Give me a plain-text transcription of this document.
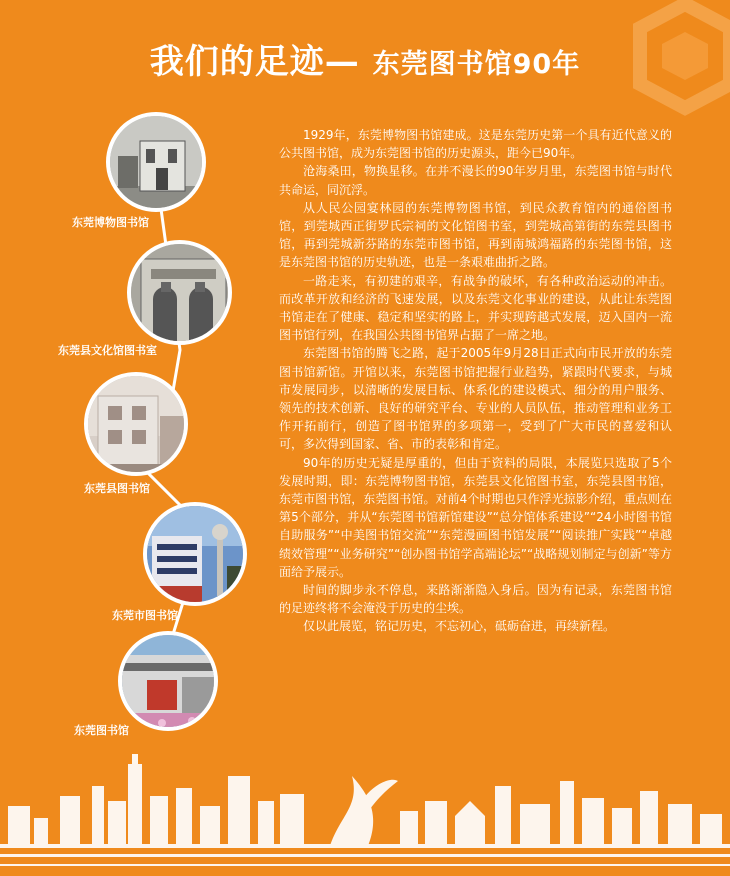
我们的足迹— 东莞图书馆90年
东莞博物图书馆
东莞县文化馆图书室
东莞县图书馆
东莞市图书馆
东莞图书馆

1929年，东莞博物图书馆建成。这是东莞历史第一个具有近代意义的公共图书馆，成为东莞图书馆的历史源头，距今已90年。

沧海桑田，物换星移。在并不漫长的90年岁月里，东莞图书馆与时代共命运，同沉浮。

从人民公园宴林园的东莞博物图书馆，到民众教育馆内的通俗图书馆，到莞城西正街罗氏宗祠的文化馆图书室，到莞城高第街的东莞县图书馆，再到莞城新芬路的东莞市图书馆，再到南城鸿福路的东莞图书馆，这是东莞图书馆的历史轨迹，也是一条艰难曲折之路。

一路走来，有初建的艰辛，有战争的破坏，有各种政治运动的冲击。而改革开放和经济的飞速发展，以及东莞文化事业的建设，从此让东莞图书馆走在了健康、稳定和坚实的路上，并实现跨越式发展，迈入国内一流图书馆行列，在我国公共图书馆界占据了一席之地。

东莞图书馆的腾飞之路，起于2005年9月28日正式向市民开放的东莞图书馆新馆。开馆以来，东莞图书馆把握行业趋势，紧跟时代要求，与城市发展同步，以清晰的发展目标、体系化的建设模式、细分的用户服务、领先的技术创新、良好的研究平台、专业的人员队伍，推动管理和业务工作开拓前行，创造了图书馆界的多项第一，受到了广大市民的喜爱和认可，多次得到国家、省、市的表彰和肯定。

90年的历史无疑是厚重的，但由于资料的局限，本展览只选取了5个发展时期，即：东莞博物图书馆，东莞县文化馆图书室，东莞县图书馆，东莞市图书馆，东莞图书馆。对前4个时期也只作浮光掠影介绍，重点则在第5个部分，并从“东莞图书馆新馆建设”“总分馆体系建设”“24小时图书馆自助服务”“中美图书馆交流”“东莞漫画图书馆发展”“阅读推广实践”“卓越绩效管理”“业务研究”“创办图书馆学高端论坛”“战略规划制定与创新”等方面给予展示。

时间的脚步永不停息，来路渐渐隐入身后。因为有记录，东莞图书馆的足迹终将不会淹没于历史的尘埃。

仅以此展览，铭记历史，不忘初心，砥砺奋进，再续新程。
